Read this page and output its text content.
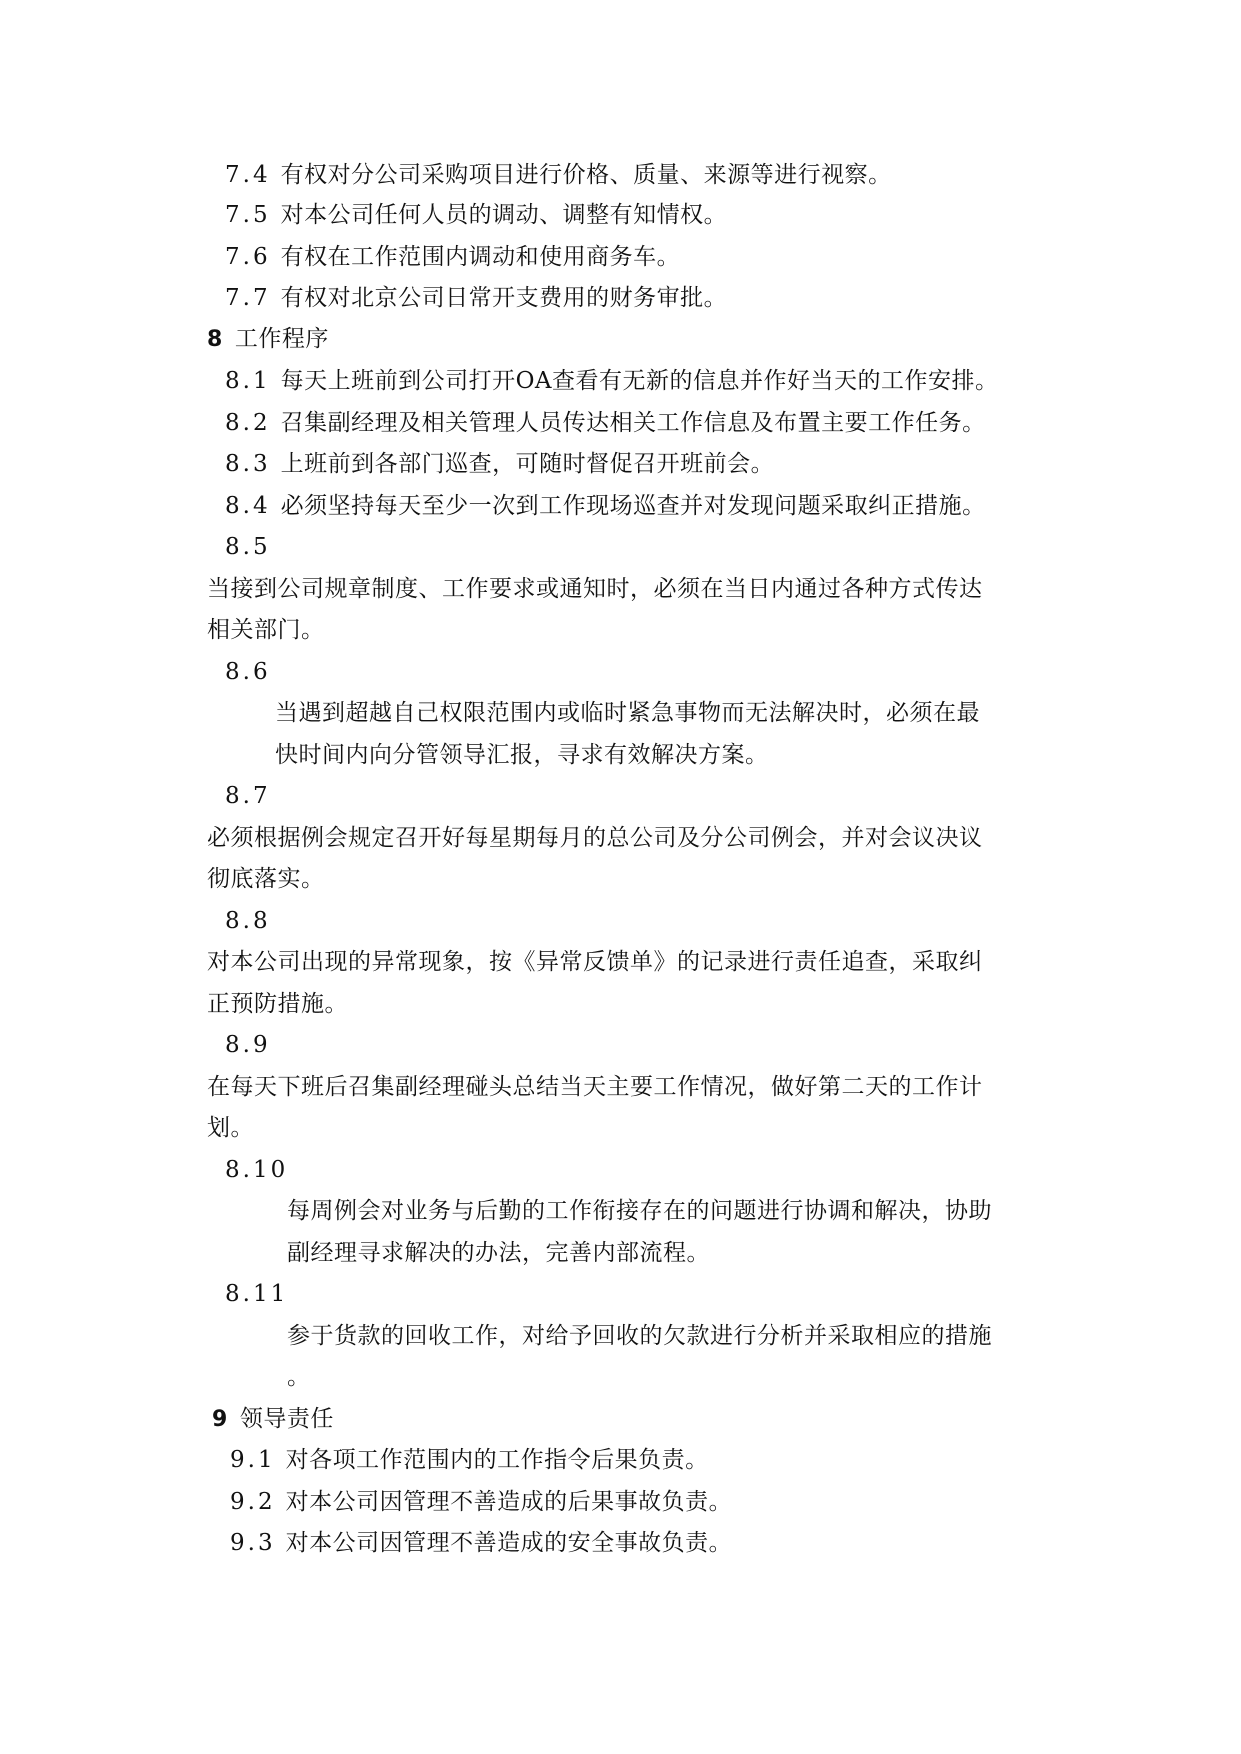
7.4 有权对分公司采购项目进行价格、质量、来源等进行视察。
7.5 对本公司任何人员的调动、调整有知情权。
7.6 有权在工作范围内调动和使用商务车。
7.7 有权对北京公司日常开支费用的财务审批。
8 工作程序
8.1 每天上班前到公司打开OA查看有无新的信息并作好当天的工作安排。
8.2 召集副经理及相关管理人员传达相关工作信息及布置主要工作任务。
8.3 上班前到各部门巡查，可随时督促召开班前会。
8.4 必须坚持每天至少一次到工作现场巡查并对发现问题采取纠正措施。
8.5
当接到公司规章制度、工作要求或通知时，必须在当日内通过各种方式传达
相关部门。
8.6
当遇到超越自己权限范围内或临时紧急事物而无法解决时，必须在最
快时间内向分管领导汇报，寻求有效解决方案。
8.7
必须根据例会规定召开好每星期每月的总公司及分公司例会，并对会议决议
彻底落实。
8.8
对本公司出现的异常现象，按《异常反馈单》的记录进行责任追查，采取纠
正预防措施。
8.9
在每天下班后召集副经理碰头总结当天主要工作情况，做好第二天的工作计
划。
8.10
每周例会对业务与后勤的工作衔接存在的问题进行协调和解决，协助
副经理寻求解决的办法，完善内部流程。
8.11
参于货款的回收工作，对给予回收的欠款进行分析并采取相应的措施
。
9 领导责任
9.1 对各项工作范围内的工作指令后果负责。
9.2 对本公司因管理不善造成的后果事故负责。
9.3 对本公司因管理不善造成的安全事故负责。
